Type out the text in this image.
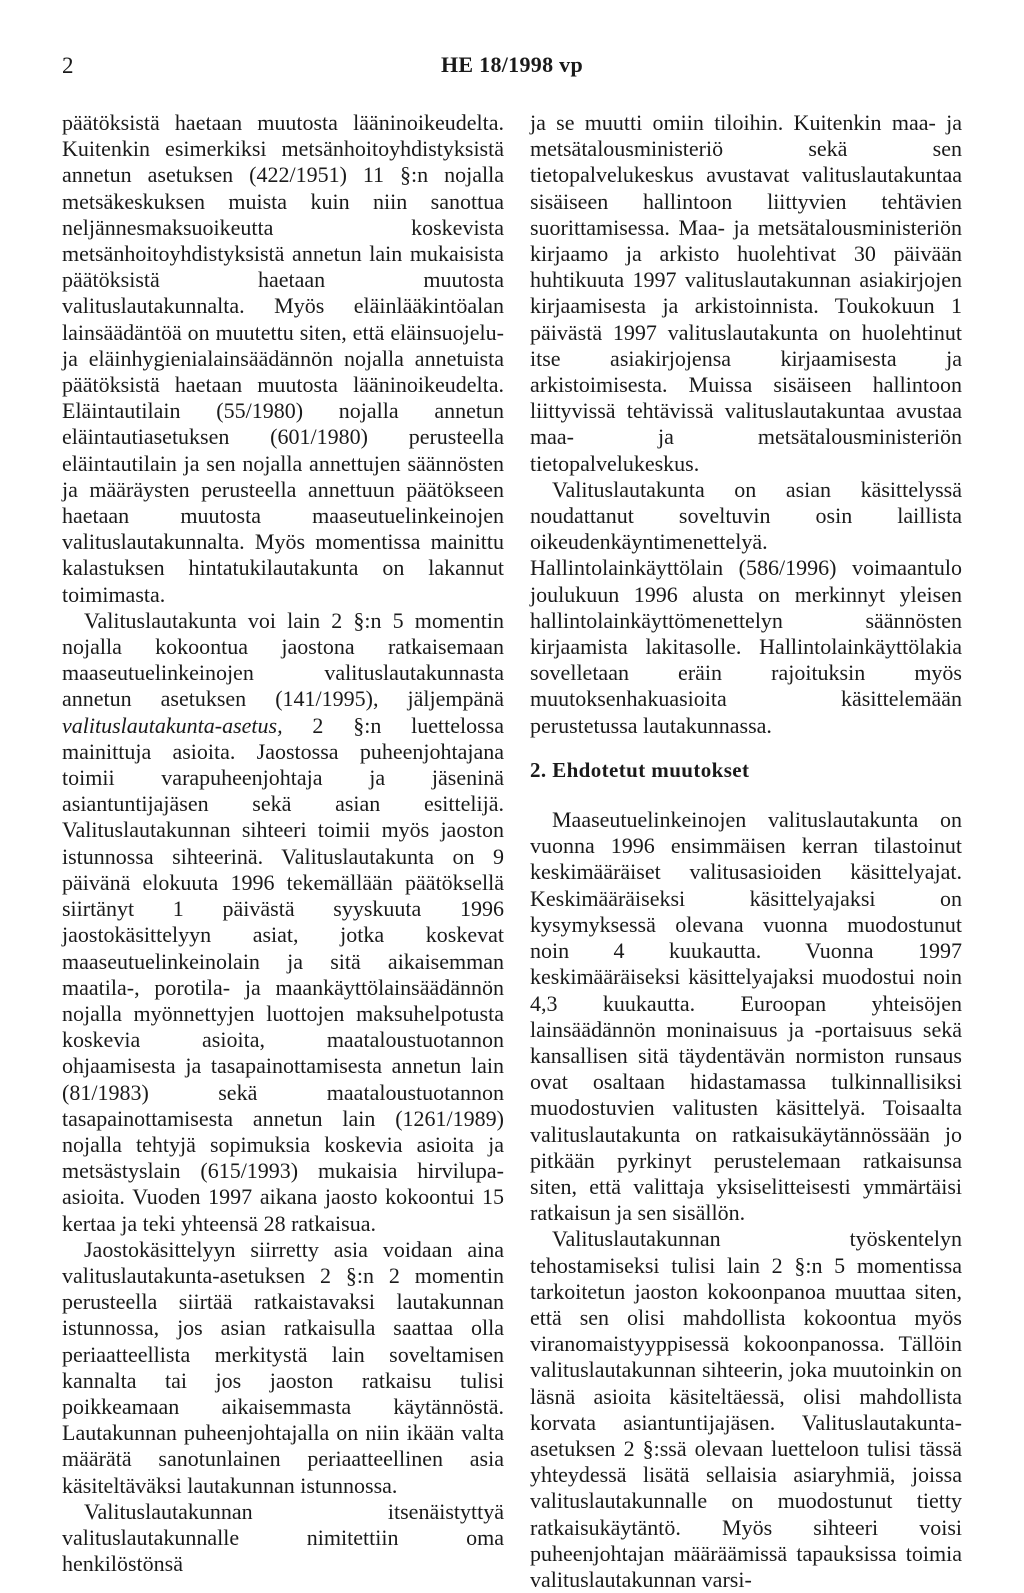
2	HE 18/1998 vp

päätöksistä haetaan muutosta lääninoikeudelta. Kuitenkin esimerkiksi metsänhoitoyhdistyksistä annetun asetuksen (422/1951) 11 §:n nojalla metsäkeskuksen muista kuin niin sanottua neljännesmaksuoikeutta koskevista metsänhoitoyhdistyksistä annetun lain mukaisista päätöksistä haetaan muutosta valituslautakunnalta. Myös eläinlääkintöalan lainsäädäntöä on muutettu siten, että eläinsuojelu- ja eläinhygienialainsäädännön nojalla annetuista päätöksistä haetaan muutosta lääninoikeudelta. Eläintautilain (55/1980) nojalla annetun eläintautiasetuksen (601/1980) perusteella eläintautilain ja sen nojalla annettujen säännösten ja määräysten perusteella annettuun päätökseen haetaan muutosta maaseutuelinkeinojen valituslautakunnalta. Myös momentissa mainittu kalastuksen hintatukilautakunta on lakannut toimimasta.

Valituslautakunta voi lain 2 §:n 5 momentin nojalla kokoontua jaostona ratkaisemaan maaseutuelinkeinojen valituslautakunnasta annetun asetuksen (141/1995), jäljempänä valituslautakunta-asetus, 2 §:n luettelossa mainittuja asioita. Jaostossa puheenjohtajana toimii varapuheenjohtaja ja jäseninä asiantuntijajäsen sekä asian esittelijä. Valituslautakunnan sihteeri toimii myös jaoston istunnossa sihteerinä. Valituslautakunta on 9 päivänä elokuuta 1996 tekemällään päätöksellä siirtänyt 1 päivästä syyskuuta 1996 jaostokäsittelyyn asiat, jotka koskevat maaseutuelinkeinolain ja sitä aikaisemman maatila-, porotila- ja maankäyttölainsäädännön nojalla myönnettyjen luottojen maksuhelpotusta koskevia asioita, maataloustuotannon ohjaamisesta ja tasapainottamisesta annetun lain (81/1983) sekä maataloustuotannon tasapainottamisesta annetun lain (1261/1989) nojalla tehtyjä sopimuksia koskevia asioita ja metsästyslain (615/1993) mukaisia hirvilupa-asioita. Vuoden 1997 aikana jaosto kokoontui 15 kertaa ja teki yhteensä 28 ratkaisua.

Jaostokäsittelyyn siirretty asia voidaan aina valituslautakunta-asetuksen 2 §:n 2 momentin perusteella siirtää ratkaistavaksi lautakunnan istunnossa, jos asian ratkaisulla saattaa olla periaatteellista merkitystä lain soveltamisen kannalta tai jos jaoston ratkaisu tulisi poikkeamaan aikaisemmasta käytännöstä. Lautakunnan puheenjohtajalla on niin ikään valta määrätä sanotunlainen periaatteellinen asia käsiteltäväksi lautakunnan istunnossa.

Valituslautakunnan itsenäistyttyä valituslautakunnalle nimitettiin oma henkilöstönsä

ja se muutti omiin tiloihin. Kuitenkin maa- ja metsätalousministeriö sekä sen tietopalvelukeskus avustavat valituslautakuntaa sisäiseen hallintoon liittyvien tehtävien suorittamisessa. Maa- ja metsätalousministeriön kirjaamo ja arkisto huolehtivat 30 päivään huhtikuuta 1997 valituslautakunnan asiakirjojen kirjaamisesta ja arkistoinnista. Toukokuun 1 päivästä 1997 valituslautakunta on huolehtinut itse asiakirjojensa kirjaamisesta ja arkistoimisesta. Muissa sisäiseen hallintoon liittyvissä tehtävissä valituslautakuntaa avustaa maa- ja metsätalousministeriön tietopalvelukeskus.

Valituslautakunta on asian käsittelyssä noudattanut soveltuvin osin laillista oikeudenkäyntimenettelyä. Hallintolainkäyttölain (586/1996) voimaantulo joulukuun 1996 alusta on merkinnyt yleisen hallintolainkäyttömenettelyn säännösten kirjaamista lakitasolle. Hallintolainkäyttölakia sovelletaan eräin rajoituksin myös muutoksenhakuasioita käsittelemään perustetussa lautakunnassa.

2. Ehdotetut muutokset

Maaseutuelinkeinojen valituslautakunta on vuonna 1996 ensimmäisen kerran tilastoinut keskimääräiset valitusasioiden käsittelyajat. Keskimääräiseksi käsittelyajaksi on kysymyksessä olevana vuonna muodostunut noin 4 kuukautta. Vuonna 1997 keskimääräiseksi käsittelyajaksi muodostui noin 4,3 kuukautta. Euroopan yhteisöjen lainsäädännön moninaisuus ja -portaisuus sekä kansallisen sitä täydentävän normiston runsaus ovat osaltaan hidastamassa tulkinnallisiksi muodostuvien valitusten käsittelyä. Toisaalta valituslautakunta on ratkaisukäytännössään jo pitkään pyrkinyt perustelemaan ratkaisunsa siten, että valittaja yksiselitteisesti ymmärtäisi ratkaisun ja sen sisällön.

Valituslautakunnan työskentelyn tehostamiseksi tulisi lain 2 §:n 5 momentissa tarkoitetun jaoston kokoonpanoa muuttaa siten, että sen olisi mahdollista kokoontua myös viranomaistyyppisessä kokoonpanossa. Tällöin valituslautakunnan sihteerin, joka muutoinkin on läsnä asioita käsiteltäessä, olisi mahdollista korvata asiantuntijajäsen. Valituslautakunta-asetuksen 2 §:ssä olevaan luetteloon tulisi tässä yhteydessä lisätä sellaisia asiaryhmiä, joissa valituslautakunnalle on muodostunut tietty ratkaisukäytäntö. Myös sihteeri voisi puheenjohtajan määräämissä tapauksissa toimia valituslautakunnan varsi-
